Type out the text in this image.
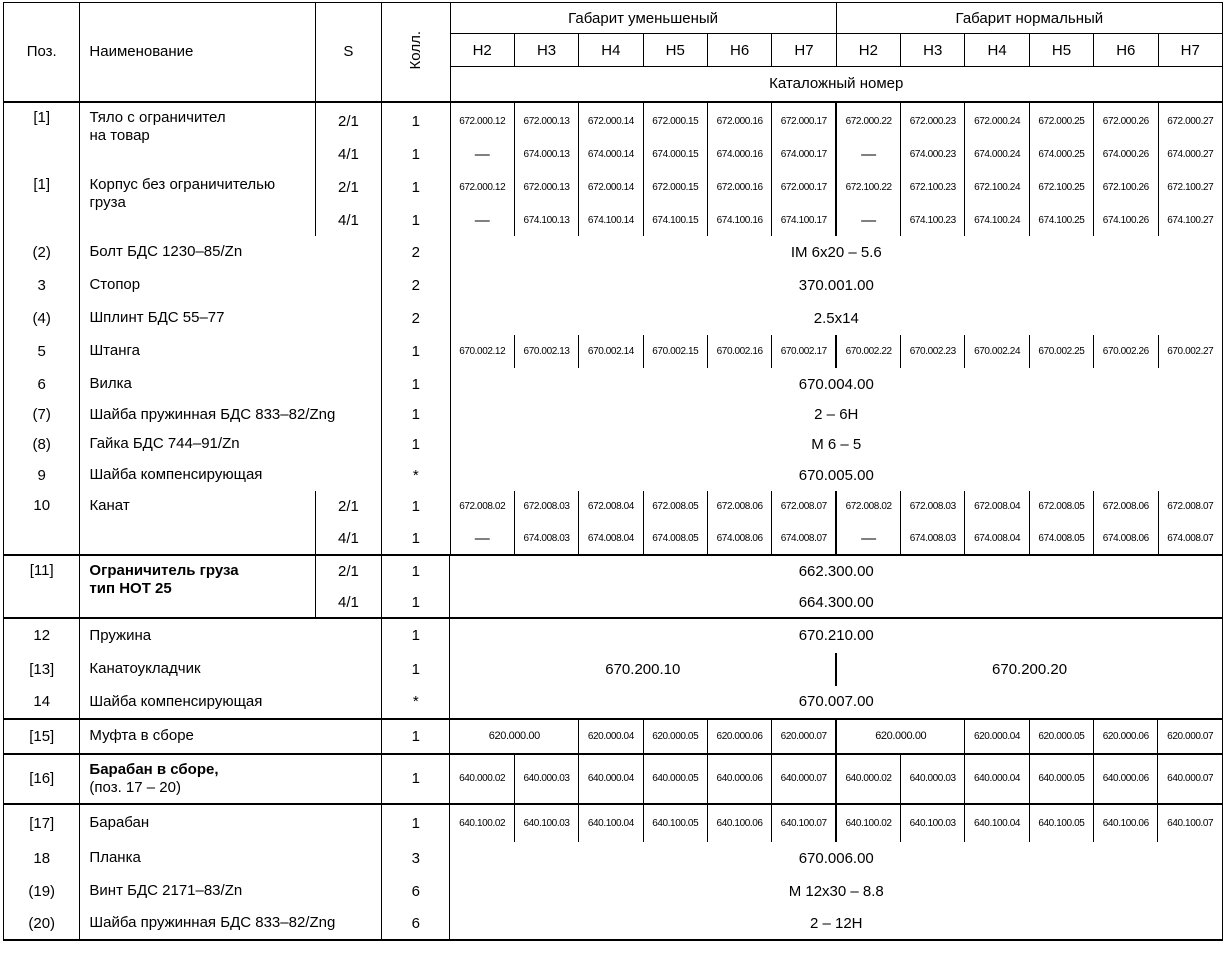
Поз.	Наименование	S	Колл.	Габарит уменьшеный						Габарит нормальный					
				H2	H3	H4	H5	H6	H7	H2	H3	H4	H5	H6	H7
				Каталожный номер											
[1]	Тяло с ограничител
на товар	2/1	1	672.000.12	672.000.13	672.000.14	672.000.15	672.000.16	672.000.17	672.000.22	672.000.23	672.000.24	672.000.25	672.000.26	672.000.27
		4/1	1	—	674.000.13	674.000.14	674.000.15	674.000.16	674.000.17	—	674.000.23	674.000.24	674.000.25	674.000.26	674.000.27
[1]	Корпус без ограничителью
груза	2/1	1	672.000.12	672.000.13	672.000.14	672.000.15	672.000.16	672.000.17	672.100.22	672.100.23	672.100.24	672.100.25	672.100.26	672.100.27
		4/1	1	—	674.100.13	674.100.14	674.100.15	674.100.16	674.100.17	—	674.100.23	674.100.24	674.100.25	674.100.26	674.100.27
(2)	Болт БДС 1230–85/Zn		2	IM 6x20 – 5.6											
3	Стопор		2	370.001.00											
(4)	Шплинт БДС 55–77		2	2.5x14											
5	Штанга		1	670.002.12	670.002.13	670.002.14	670.002.15	670.002.16	670.002.17	670.002.22	670.002.23	670.002.24	670.002.25	670.002.26	670.002.27
6	Вилка		1	670.004.00											
(7)	Шайба пружинная БДС 833–82/Zng		1	2 – 6H											
(8)	Гайка БДС 744–91/Zn		1	M 6 – 5											
9	Шайба компенсирующая		*	670.005.00											
10	Канат	2/1	1	672.008.02	672.008.03	672.008.04	672.008.05	672.008.06	672.008.07	672.008.02	672.008.03	672.008.04	672.008.05	672.008.06	672.008.07
		4/1	1	—	674.008.03	674.008.04	674.008.05	674.008.06	674.008.07	—	674.008.03	674.008.04	674.008.05	674.008.06	674.008.07
[11]	Ограничитель груза
тип НОТ 25	2/1	1	662.300.00											
		4/1	1	664.300.00											
12	Пружина		1	670.210.00											
[13]	Канатоукладчик		1	670.200.10						670.200.20					
14	Шайба компенсирующая		*	670.007.00											
[15]	Муфта в сборе		1	620.000.00		620.000.04	620.000.05	620.000.06	620.000.07	620.000.00		620.000.04	620.000.05	620.000.06	620.000.07
[16]	Барабан в сборе,
(поз. 17 – 20)		1	640.000.02	640.000.03	640.000.04	640.000.05	640.000.06	640.000.07	640.000.02	640.000.03	640.000.04	640.000.05	640.000.06	640.000.07
[17]	Барабан		1	640.100.02	640.100.03	640.100.04	640.100.05	640.100.06	640.100.07	640.100.02	640.100.03	640.100.04	640.100.05	640.100.06	640.100.07
18	Планка		3	670.006.00											
(19)	Винт БДС 2171–83/Zn		6	M 12x30 – 8.8											
(20)	Шайба пружинная БДС 833–82/Zng		6	2 – 12H											
